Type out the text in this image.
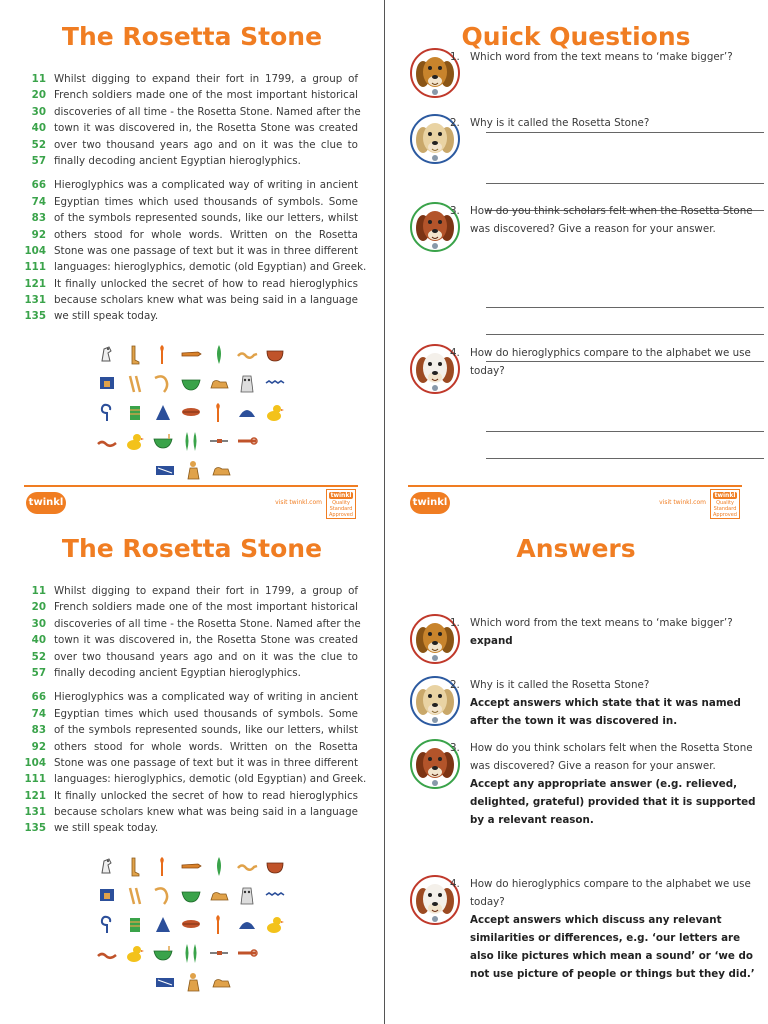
The Rosetta Stone
11 Whilst digging to expand their fort in 1799, a group of
20 French soldiers made one of the most important historical
30 discoveries of all time - the Rosetta Stone. Named after the
40 town it was discovered in, the Rosetta Stone was created
52 over two thousand years ago and on it was the clue to
57 finally decoding ancient Egyptian hieroglyphics.
66 Hieroglyphics was a complicated way of writing in ancient
74 Egyptian times which used thousands of symbols. Some
83 of the symbols represented sounds, like our letters, whilst
92 others stood for whole words. Written on the Rosetta
104 Stone was one passage of text but it was in three different
111 languages: hieroglyphics, demotic (old Egyptian) and Greek.
121 It finally unlocked the secret of how to read hieroglyphics
131 because scholars knew what was being said in a language
135 we still speak today.
twinkl	visit twinkl.com
twinkl
Quality Standard Approved
Quick Questions
1. Which word from the text means to ‘make bigger’?
2. Why is it called the Rosetta Stone?
3. How do you think scholars felt when the Rosetta Stone was discovered? Give a reason for your answer.
4. How do hieroglyphics compare to the alphabet we use today?
twinkl	visit twinkl.com
twinkl
Quality Standard Approved
The Rosetta Stone
11 Whilst digging to expand their fort in 1799, a group of
20 French soldiers made one of the most important historical
30 discoveries of all time - the Rosetta Stone. Named after the
40 town it was discovered in, the Rosetta Stone was created
52 over two thousand years ago and on it was the clue to
57 finally decoding ancient Egyptian hieroglyphics.
66 Hieroglyphics was a complicated way of writing in ancient
74 Egyptian times which used thousands of symbols. Some
83 of the symbols represented sounds, like our letters, whilst
92 others stood for whole words. Written on the Rosetta
104 Stone was one passage of text but it was in three different
111 languages: hieroglyphics, demotic (old Egyptian) and Greek.
121 It finally unlocked the secret of how to read hieroglyphics
131 because scholars knew what was being said in a language
135 we still speak today.
Answers
1. Which word from the text means to ‘make bigger’?
expand
2. Why is it called the Rosetta Stone?
Accept answers which state that it was named after the town it was discovered in.
3. How do you think scholars felt when the Rosetta Stone was discovered? Give a reason for your answer.
Accept any appropriate answer (e.g. relieved, delighted, grateful) provided that it is supported by a relevant reason.
4. How do hieroglyphics compare to the alphabet we use today?
Accept answers which discuss any relevant similarities or differences, e.g. ‘our letters are also like pictures which mean a sound’ or ‘we do not use picture of people or things but they did.’
